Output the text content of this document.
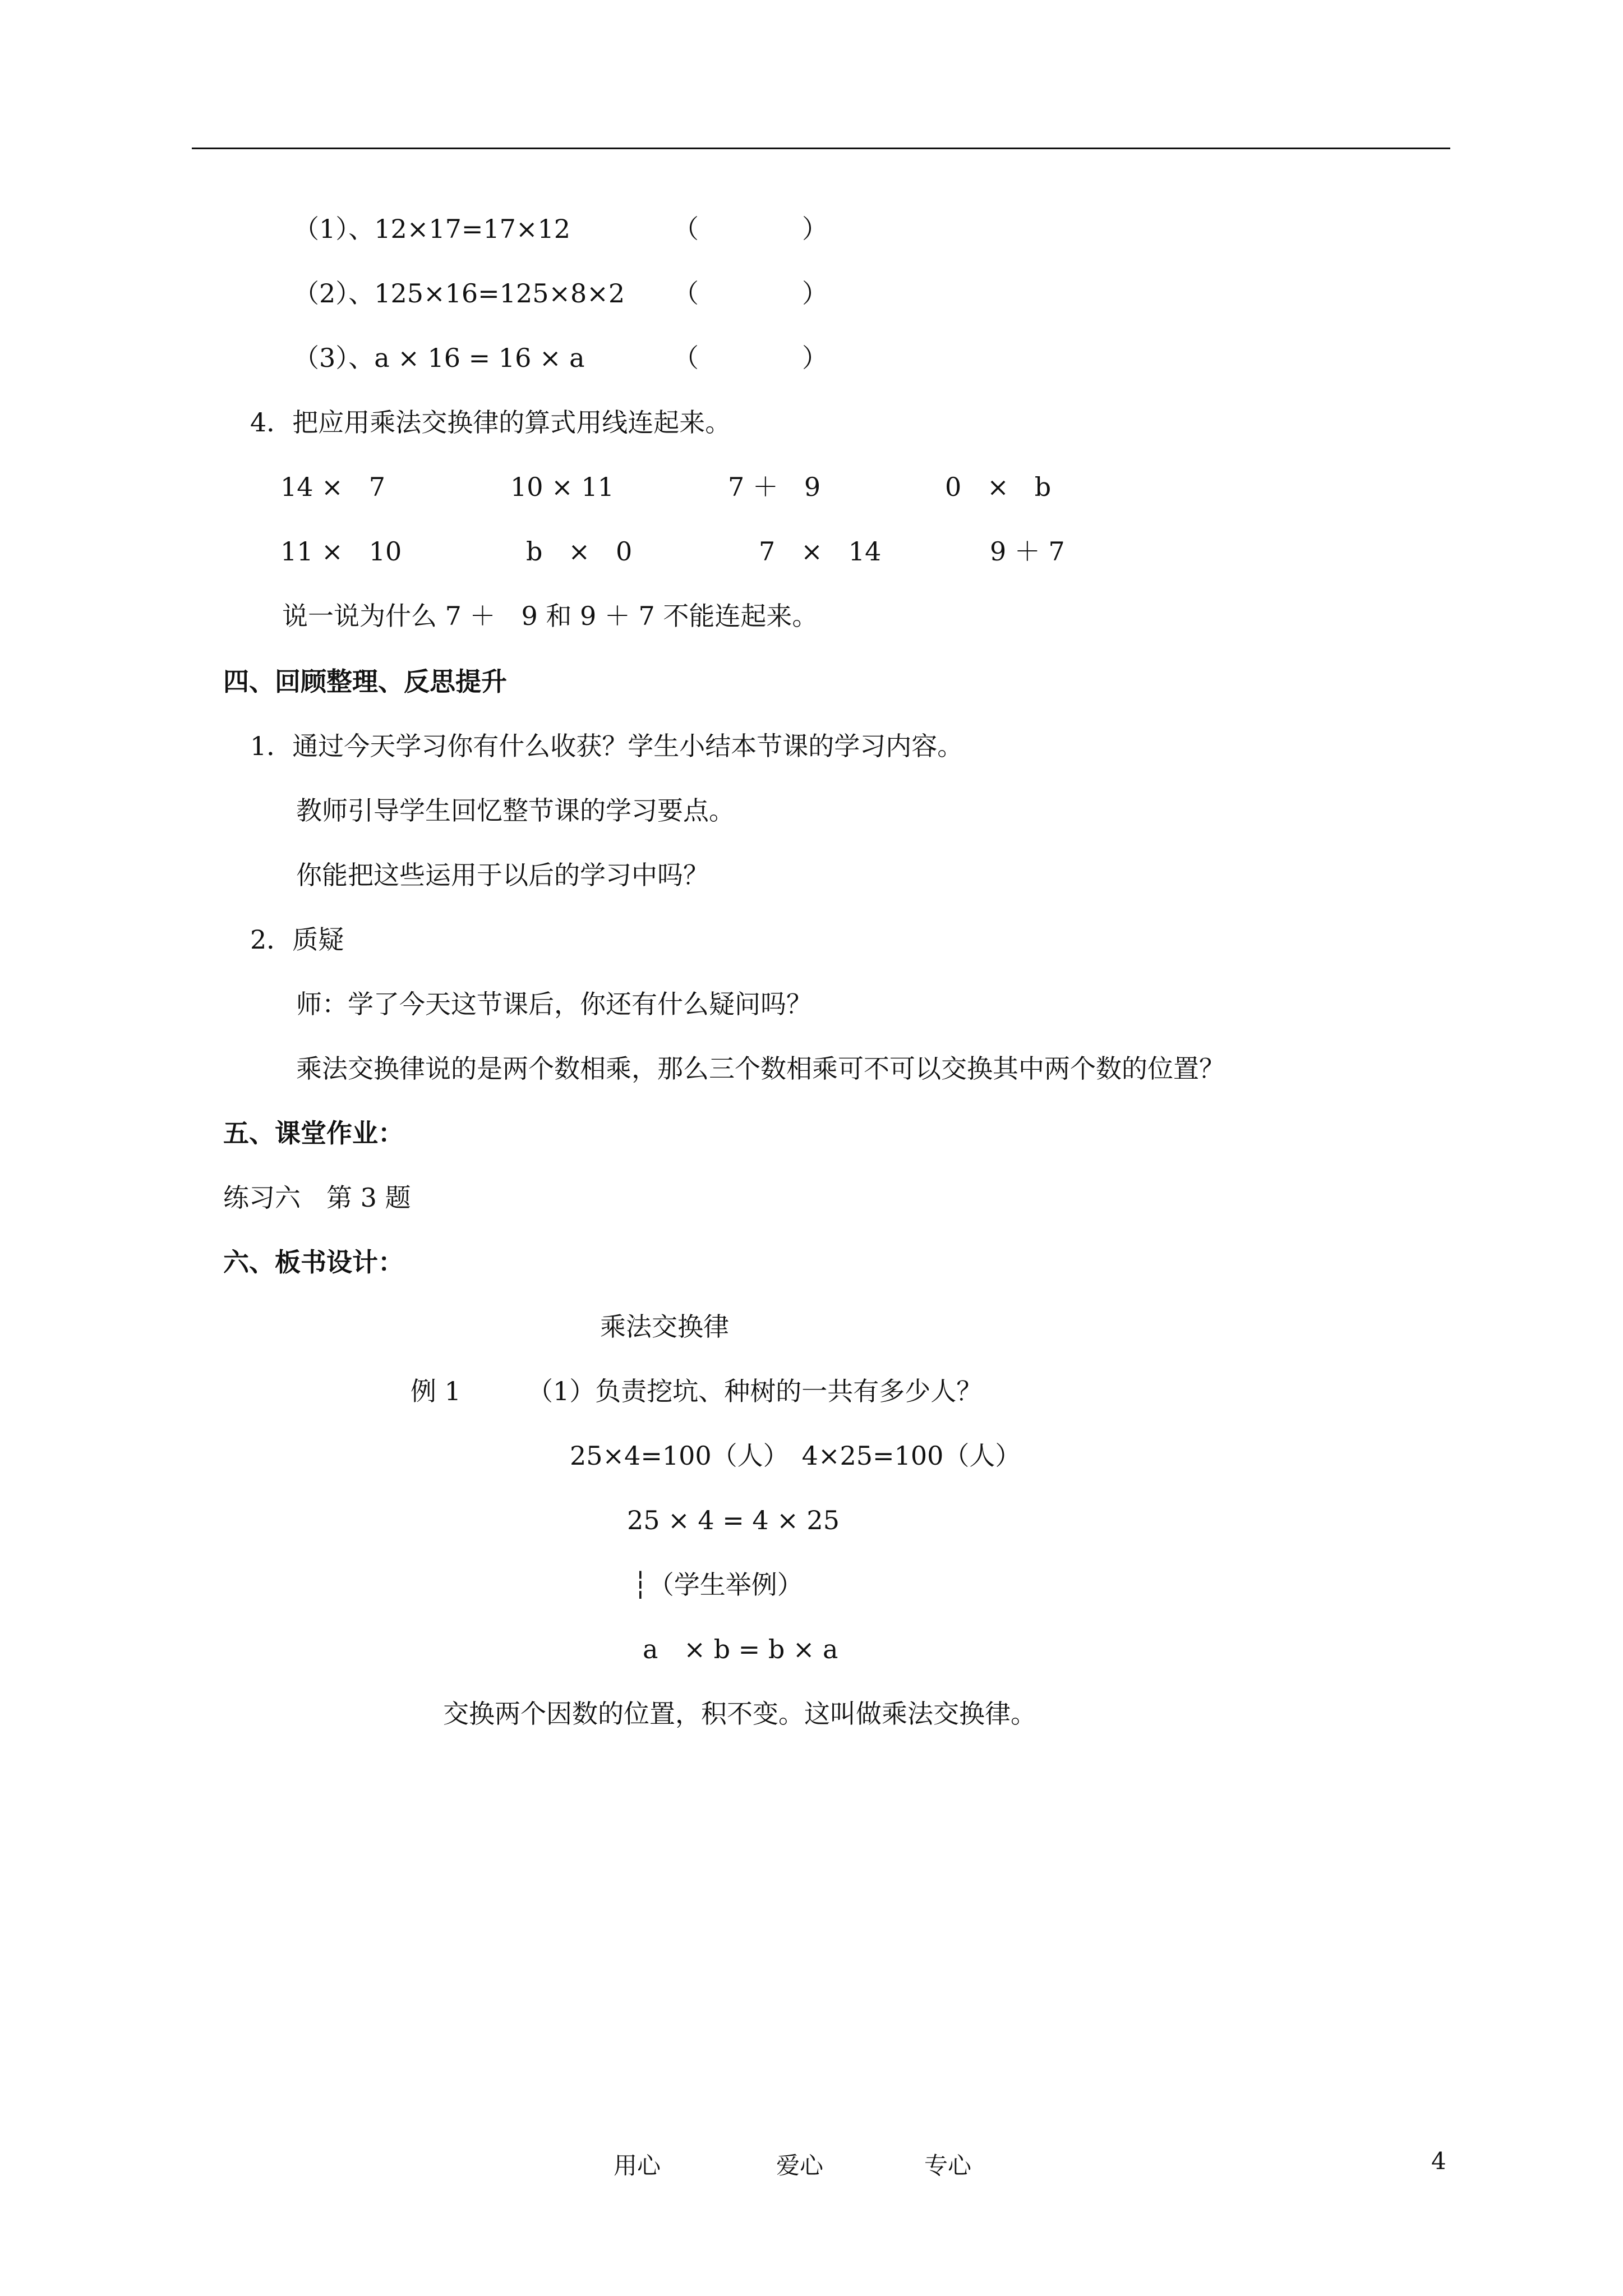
（1）、12×17=17×12	（　　　　）
（2）、125×16=125×8×2 （　　　　）
（3）、a × 16 = 16 × a	（　　　　）
4．把应用乘法交换律的算式用线连起来。
14 ×　7	10 × 11	7 ＋　9	0　×　b
11 ×　10	b　×　0	7　×　14	9 ＋ 7
说一说为什么 7 ＋　9 和 9 ＋ 7 不能连起来。
四、回顾整理、反思提升
1．通过今天学习你有什么收获？学生小结本节课的学习内容。
教师引导学生回忆整节课的学习要点。
你能把这些运用于以后的学习中吗？
2．质疑
师：学了今天这节课后，你还有什么疑问吗？
乘法交换律说的是两个数相乘，那么三个数相乘可不可以交换其中两个数的位置？
五、课堂作业：
练习六　第 3 题
六、板书设计：
乘法交换律
例 1	（1）负责挖坑、种树的一共有多少人？
25×4=100（人）　4×25=100（人）
25 × 4 = 4 × 25
┆（学生举例）
a　× b = b × a
交换两个因数的位置，积不变。这叫做乘法交换律。
用心	爱心	专心	4
